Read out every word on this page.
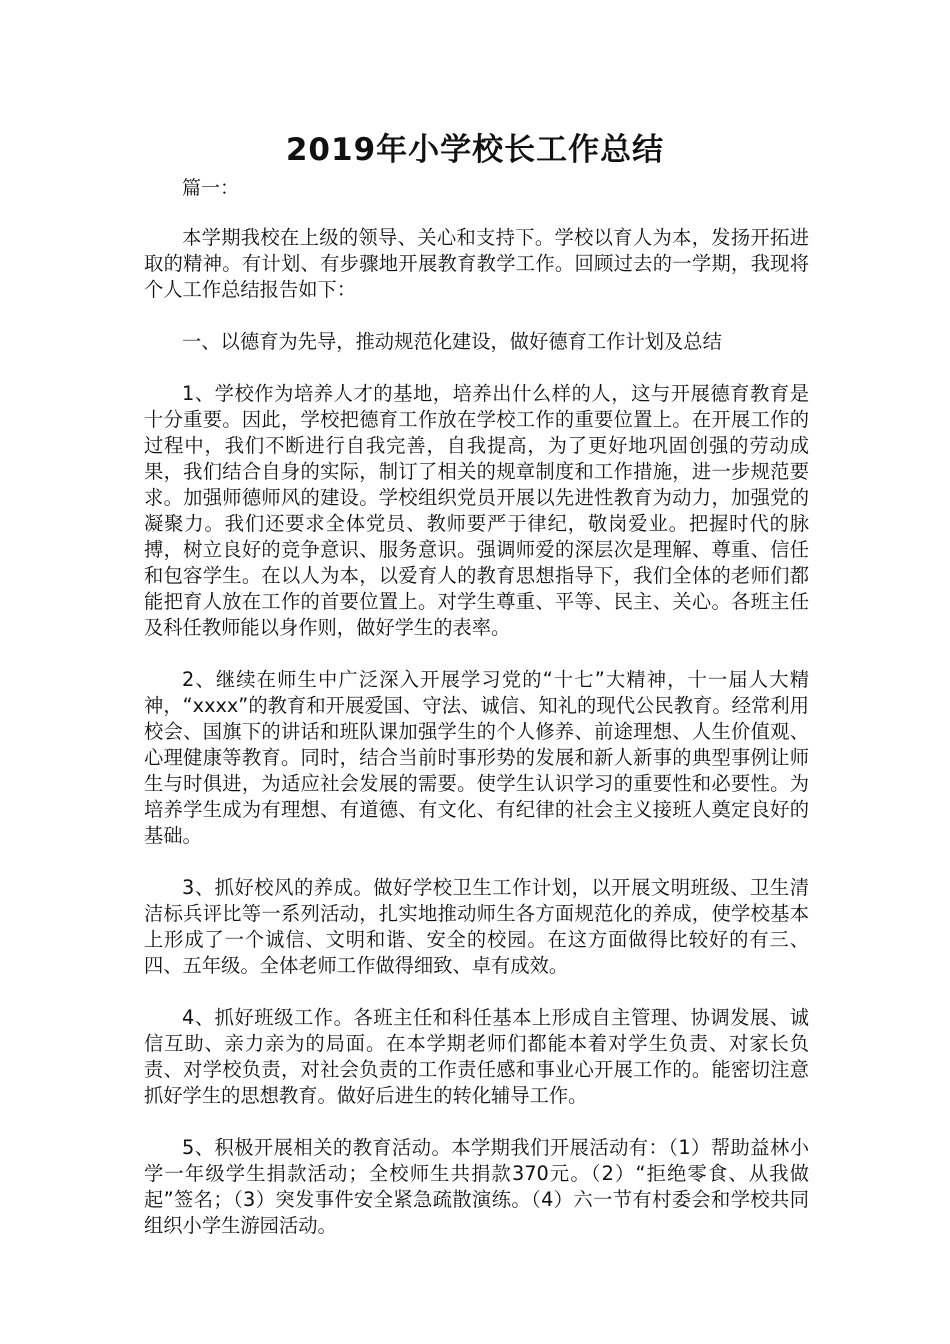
2019年小学校长工作总结
篇一：

本学期我校在上级的领导、关心和支持下。学校以育人为本，发扬开拓进取的精神。有计划、有步骤地开展教育教学工作。回顾过去的一学期，我现将个人工作总结报告如下：

一、以德育为先导，推动规范化建设，做好德育工作计划及总结

1、学校作为培养人才的基地，培养出什么样的人，这与开展德育教育是十分重要。因此，学校把德育工作放在学校工作的重要位置上。在开展工作的过程中，我们不断进行自我完善，自我提高，为了更好地巩固创强的劳动成果，我们结合自身的实际，制订了相关的规章制度和工作措施，进一步规范要求。加强师德师风的建设。学校组织党员开展以先进性教育为动力，加强党的凝聚力。我们还要求全体党员、教师要严于律纪，敬岗爱业。把握时代的脉搏，树立良好的竞争意识、服务意识。强调师爱的深层次是理解、尊重、信任和包容学生。在以人为本，以爱育人的教育思想指导下，我们全体的老师们都能把育人放在工作的首要位置上。对学生尊重、平等、民主、关心。各班主任及科任教师能以身作则，做好学生的表率。

2、继续在师生中广泛深入开展学习党的“十七”大精神，十一届人大精神，“xxxx”的教育和开展爱国、守法、诚信、知礼的现代公民教育。经常利用校会、国旗下的讲话和班队课加强学生的个人修养、前途理想、人生价值观、心理健康等教育。同时，结合当前时事形势的发展和新人新事的典型事例让师生与时俱进，为适应社会发展的需要。使学生认识学习的重要性和必要性。为培养学生成为有理想、有道德、有文化、有纪律的社会主义接班人奠定良好的基础。

3、抓好校风的养成。做好学校卫生工作计划，以开展文明班级、卫生清洁标兵评比等一系列活动，扎实地推动师生各方面规范化的养成，使学校基本上形成了一个诚信、文明和谐、安全的校园。在这方面做得比较好的有三、四、五年级。全体老师工作做得细致、卓有成效。

4、抓好班级工作。各班主任和科任基本上形成自主管理、协调发展、诚信互助、亲力亲为的局面。在本学期老师们都能本着对学生负责、对家长负责、对学校负责，对社会负责的工作责任感和事业心开展工作的。能密切注意抓好学生的思想教育。做好后进生的转化辅导工作。

5、积极开展相关的教育活动。本学期我们开展活动有：（1）帮助益林小学一年级学生捐款活动；全校师生共捐款370元。（2）“拒绝零食、从我做起”签名；（3）突发事件安全紧急疏散演练。（4）六一节有村委会和学校共同组织小学生游园活动。
